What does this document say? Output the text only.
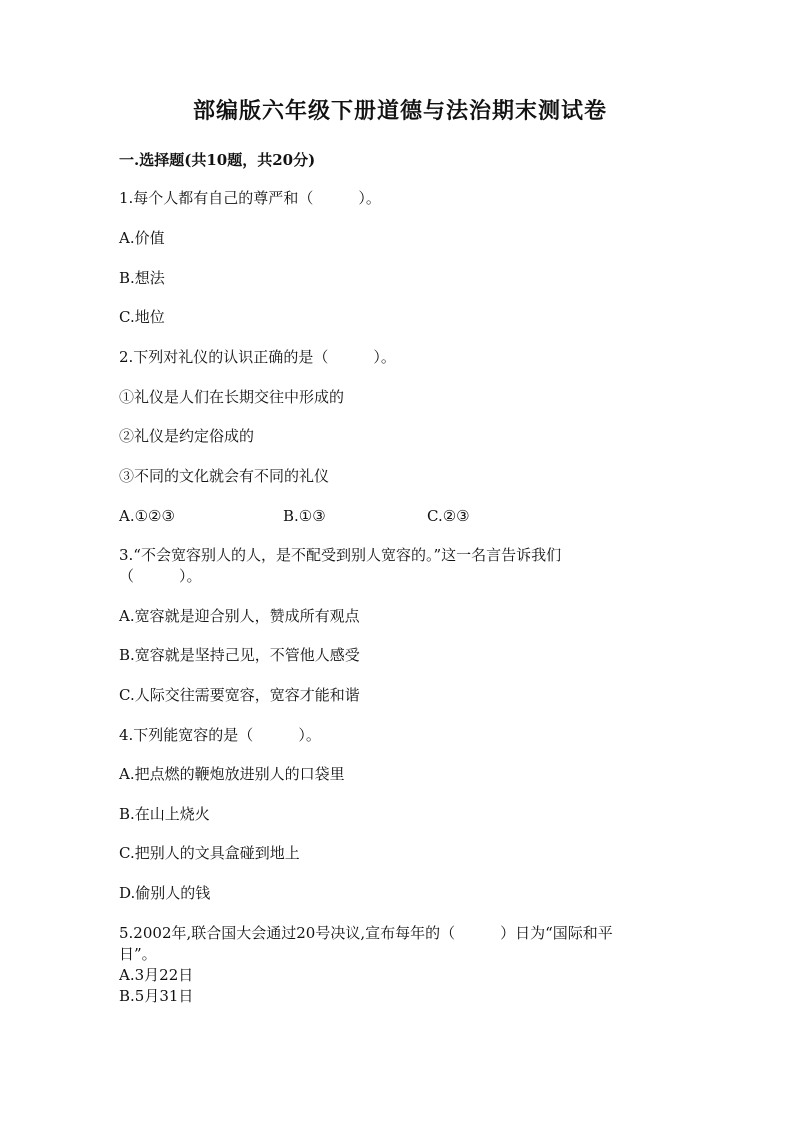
部编版六年级下册道德与法治期末测试卷
一.选择题(共10题，共20分)
1.每个人都有自己的尊严和（　　　）。
A.价值
B.想法
C.地位
2.下列对礼仪的认识正确的是（　　　）。
①礼仪是人们在长期交往中形成的
②礼仪是约定俗成的
③不同的文化就会有不同的礼仪
A.①②③	B.①③	C.②③
3.“不会宽容别人的人，是不配受到别人宽容的。”这一名言告诉我们
（　　　）。
A.宽容就是迎合别人，赞成所有观点
B.宽容就是坚持己见，不管他人感受
C.人际交往需要宽容，宽容才能和谐
4.下列能宽容的是（　　　）。
A.把点燃的鞭炮放进别人的口袋里
B.在山上烧火
C.把别人的文具盒碰到地上
D.偷别人的钱
5.2002年,联合国大会通过20号决议,宣布每年的（　　　）日为“国际和平
日”。
A.3月22日
B.5月31日
